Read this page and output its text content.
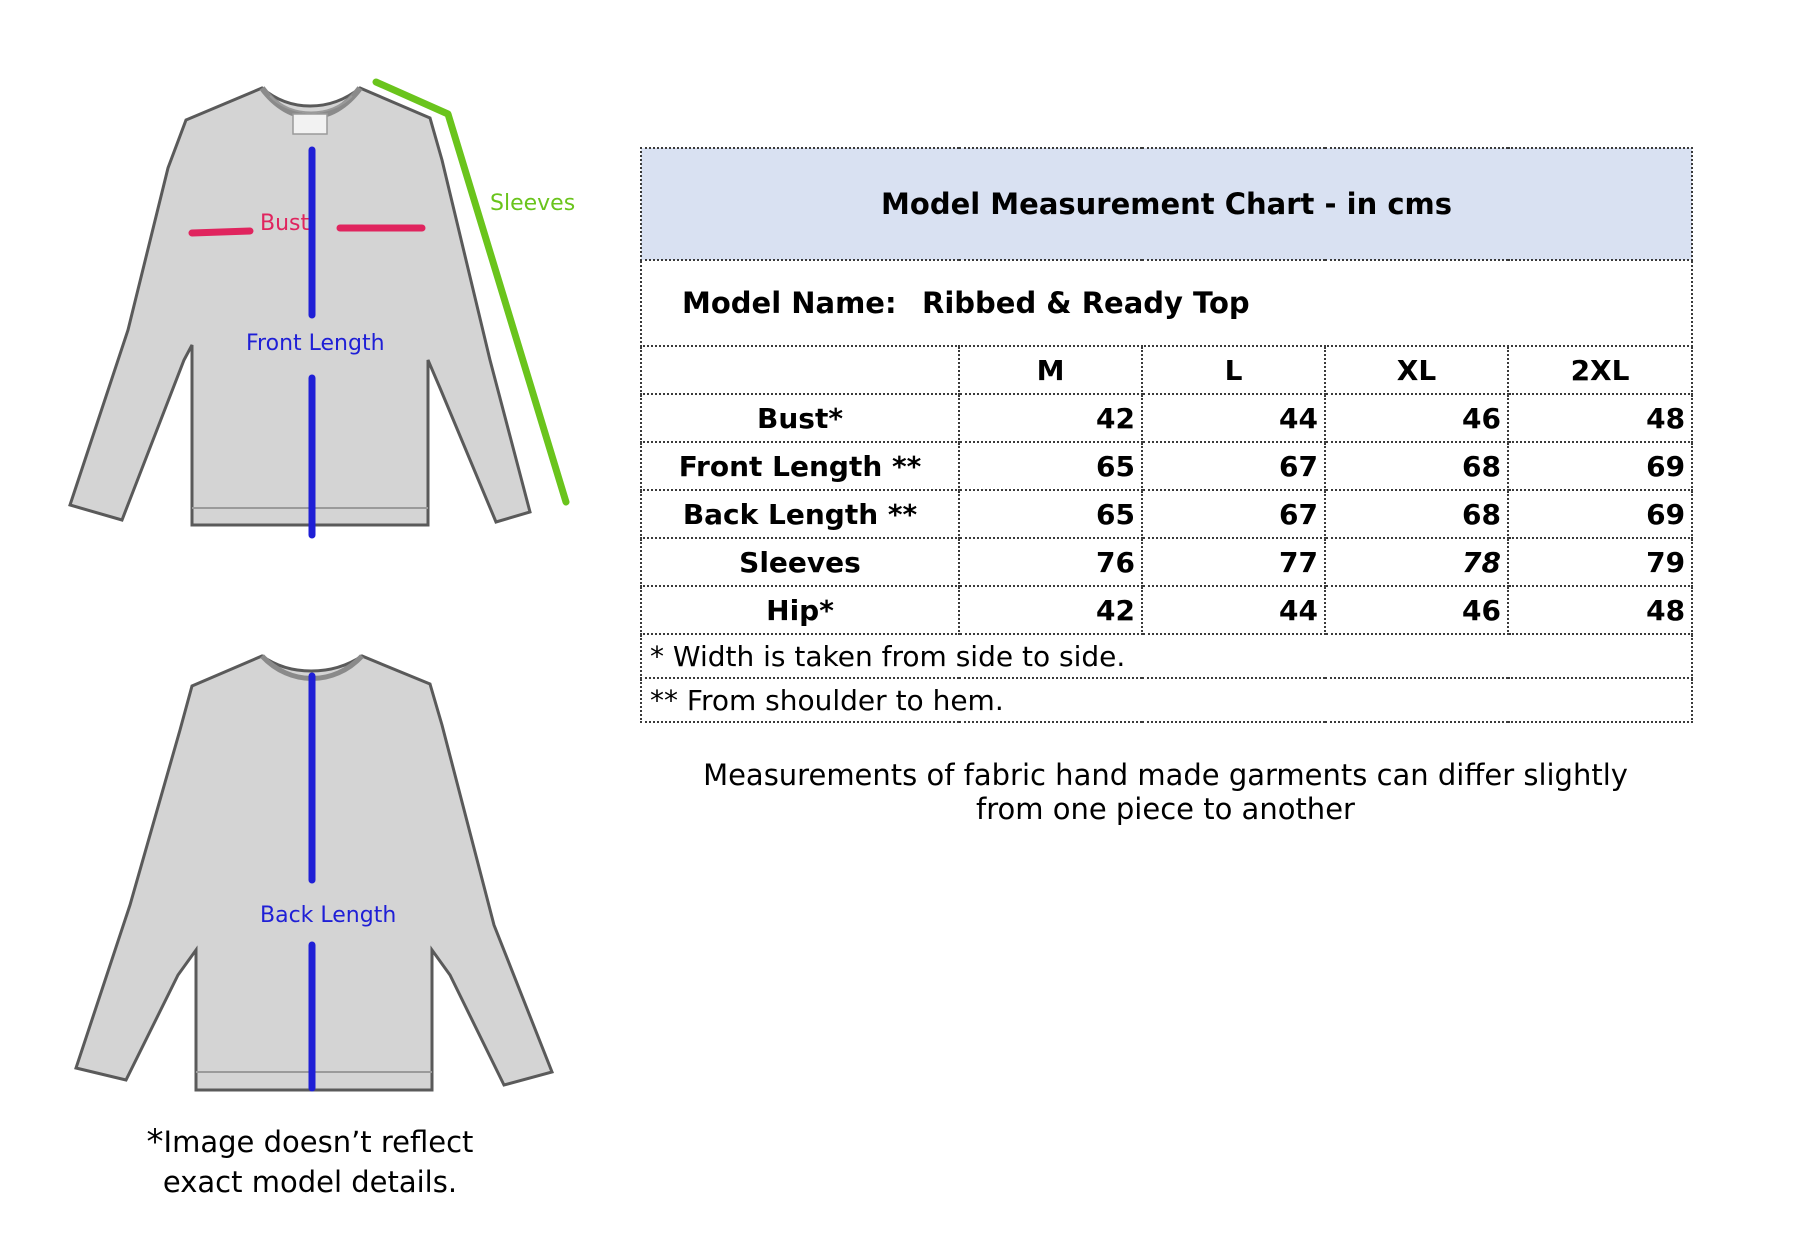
Bust
Front Length
Sleeves
Back Length
*Image doesn’t reflect
exact model details.
Model Measurement Chart - in cms				
Model Name: Ribbed & Ready Top				
	M	L	XL	2XL
Bust*	42	44	46	48
Front Length **	65	67	68	69
Back Length **	65	67	68	69
Sleeves	76	77	78	79
Hip*	42	44	46	48
* Width is taken from side to side.				
** From shoulder to hem.				
Measurements of fabric hand made garments can differ slightly
from one piece to another
